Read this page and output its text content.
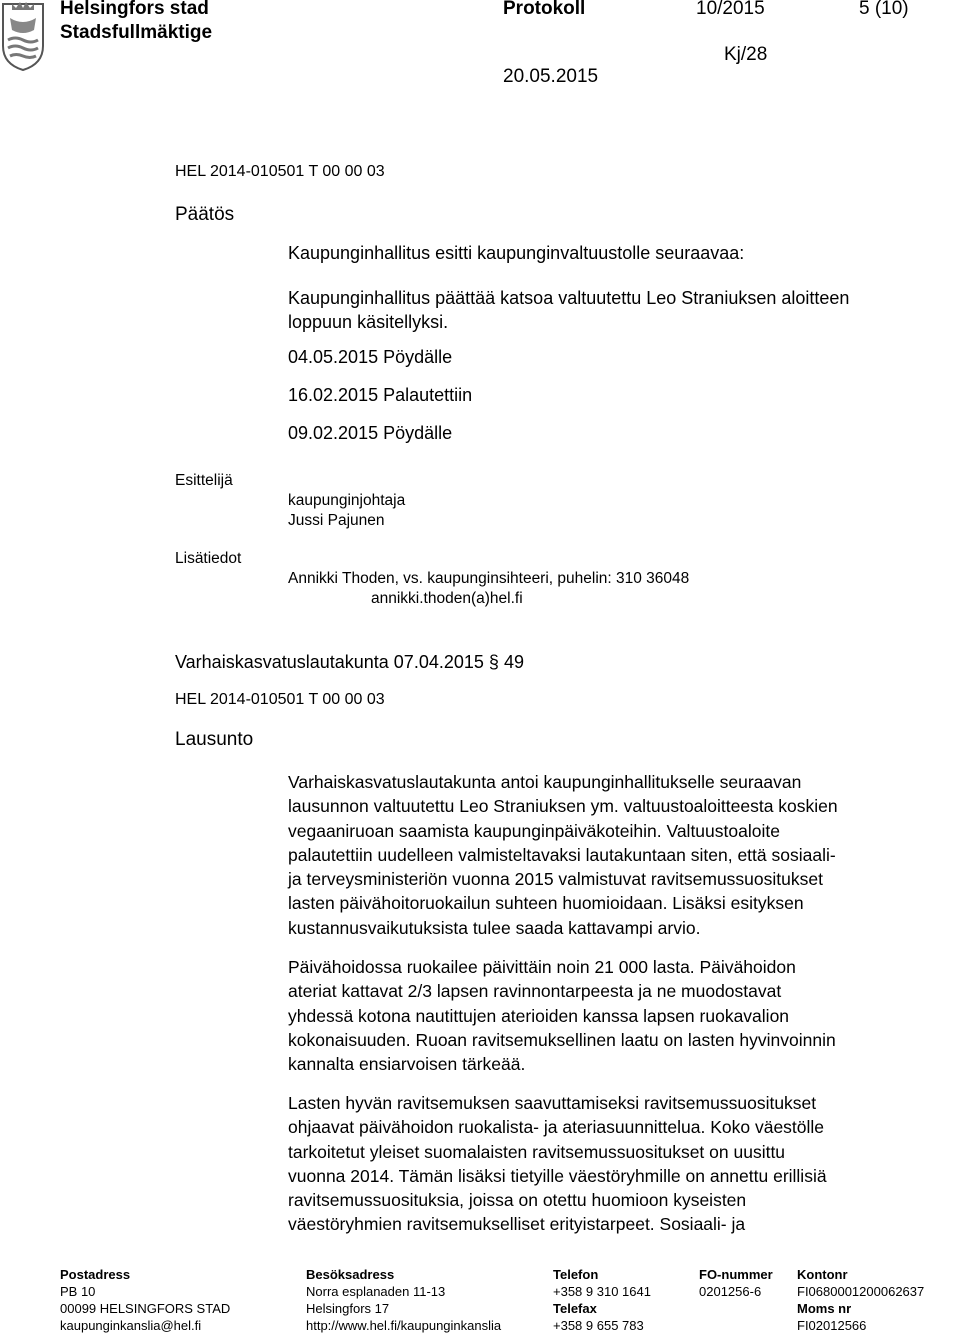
Helsingfors stad
Stadsfullmäktige
Protokoll	10/2015	5 (10)
Kj/28
20.05.2015
HEL 2014-010501 T 00 00 03
Päätös
Kaupunginhallitus esitti kaupunginvaltuustolle seuraavaa:
Kaupunginhallitus päättää katsoa valtuutettu Leo Straniuksen aloitteen
loppuun käsitellyksi.
04.05.2015 Pöydälle
16.02.2015 Palautettiin
09.02.2015 Pöydälle
Esittelijä
kaupunginjohtaja
Jussi Pajunen
Lisätiedot
Annikki Thoden, vs. kaupunginsihteeri, puhelin: 310 36048
annikki.thoden(a)hel.fi
Varhaiskasvatuslautakunta 07.04.2015 § 49
HEL 2014-010501 T 00 00 03
Lausunto
Varhaiskasvatuslautakunta antoi kaupunginhallitukselle seuraavan
lausunnon valtuutettu Leo Straniuksen ym. valtuustoaloitteesta koskien
vegaaniruoan saamista kaupunginpäiväkoteihin. Valtuustoaloite
palautettiin uudelleen valmisteltavaksi lautakuntaan siten, että sosiaali-
ja terveysministeriön vuonna 2015 valmistuvat ravitsemussuositukset
lasten päivähoitoruokailun suhteen huomioidaan. Lisäksi esityksen
kustannusvaikutuksista tulee saada kattavampi arvio.
Päivähoidossa ruokailee päivittäin noin 21 000 lasta. Päivähoidon
ateriat kattavat 2/3 lapsen ravinnontarpeesta ja ne muodostavat
yhdessä kotona nautittujen aterioiden kanssa lapsen ruokavalion
kokonaisuuden. Ruoan ravitsemuksellinen laatu on lasten hyvinvoinnin
kannalta ensiarvoisen tärkeää.
Lasten hyvän ravitsemuksen saavuttamiseksi ravitsemussuositukset
ohjaavat päivähoidon ruokalista- ja ateriasuunnittelua. Koko väestölle
tarkoitetut yleiset suomalaisten ravitsemussuositukset on uusittu
vuonna 2014. Tämän lisäksi tietyille väestöryhmille on annettu erillisiä
ravitsemussuosituksia, joissa on otettu huomioon kyseisten
väestöryhmien ravitsemukselliset erityistarpeet. Sosiaali- ja
Postadress
PB 10
00099 HELSINGFORS STAD
kaupunginkanslia@hel.fi
Besöksadress
Norra esplanaden 11-13
Helsingfors 17
http://www.hel.fi/kaupunginkanslia
Telefon
+358 9 310 1641
Telefax
+358 9 655 783
FO-nummer
0201256-6
Kontonr
FI0680001200062637
Moms nr
FI02012566
